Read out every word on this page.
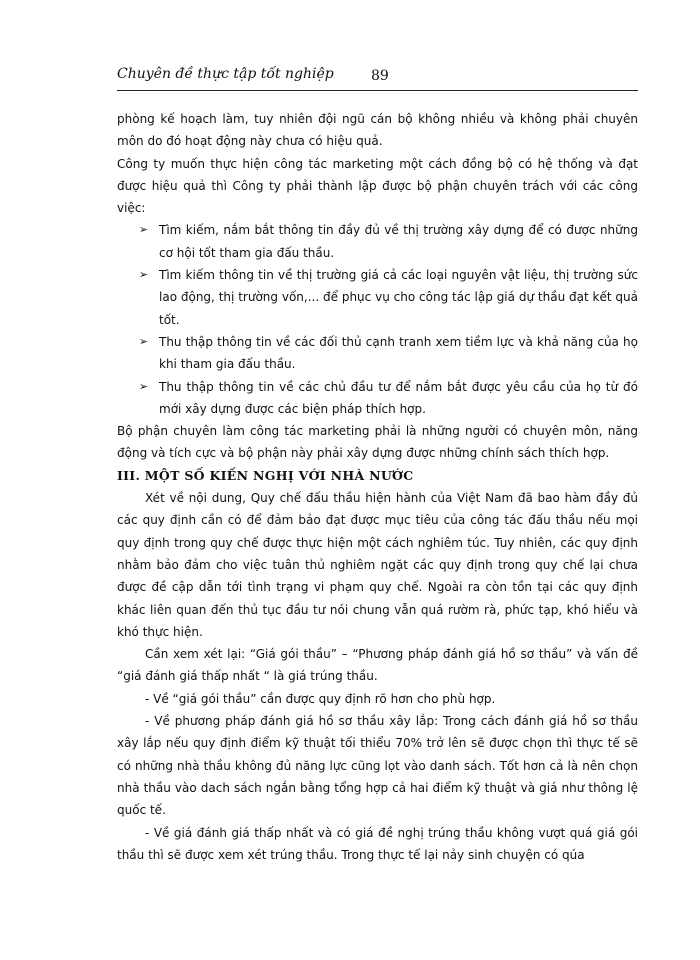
Chuyên đề thực tập tốt nghiệp	89

phòng kế hoạch làm, tuy nhiên đội ngũ cán bộ không nhiều và không phải chuyên môn do đó hoạt động này chưa có hiệu quả.

Công ty muốn thực hiện công tác marketing một cách đồng bộ có hệ thống và đạt được hiệu quả thì Công ty phải thành lập được bộ phận chuyên trách với các công việc:

➢ Tìm kiếm, nắm bắt thông tin đầy đủ về thị trường xây dựng để có được những cơ hội tốt tham gia đấu thầu.
➢ Tìm kiếm thông tin về thị trường giá cả các loại nguyên vật liệu, thị trường sức lao động, thị trường vốn,... để phục vụ cho công tác lập giá dự thầu đạt kết quả tốt.
➢ Thu thập thông tin về các đối thủ cạnh tranh xem tiềm lực và khả năng của họ khi tham gia đấu thầu.
➢ Thu thập thông tin về các chủ đầu tư để nắm bắt được yêu cầu của họ từ đó mới xây dựng được các biện pháp thích hợp.

Bộ phận chuyên làm công tác marketing phải là những người có chuyên môn, năng động và tích cực và bộ phận này phải xây dựng được những chính sách thích hợp.

III. MỘT SỐ KIẾN NGHỊ VỚI NHÀ NƯỚC

Xét về nội dung, Quy chế đấu thầu hiện hành của Việt Nam đã bao hàm đầy đủ các quy định cần có để đảm bảo đạt được mục tiêu của công tác đấu thầu nếu mọi quy định trong quy chế được thực hiện một cách nghiêm túc. Tuy nhiên, các quy định nhằm bảo đảm cho việc tuân thủ nghiêm ngặt các quy định trong quy chế lại chưa được đề cập dẫn tới tình trạng vi phạm quy chế. Ngoài ra còn tồn tại các quy định khác liên quan đến thủ tục đầu tư nói chung vẫn quá rườm rà, phức tạp, khó hiểu và khó thực hiện.

Cần xem xét lại: “Giá gói thầu” – “Phương pháp đánh giá hồ sơ thầu” và vấn đề “giá đánh giá thấp nhất “ là giá trúng thầu.

- Về “giá gói thầu” cần được quy định rõ hơn cho phù hợp.

- Về phương pháp đánh giá hồ sơ thầu xây lắp: Trong cách đánh giá hồ sơ thầu xây lắp nếu quy định điểm kỹ thuật tối thiểu 70% trở lên sẽ được chọn thì thực tế sẽ có những nhà thầu không đủ năng lực cũng lọt vào danh sách. Tốt hơn cả là nên chọn nhà thầu vào dach sách ngắn bằng tổng hợp cả hai điểm kỹ thuật và giá như thông lệ quốc tế.

- Về giá đánh giá thấp nhất và có giá đề nghị trúng thầu không vượt quá giá gói thầu thì sẽ được xem xét trúng thầu. Trong thực tế lại nảy sinh chuyện có qúa
